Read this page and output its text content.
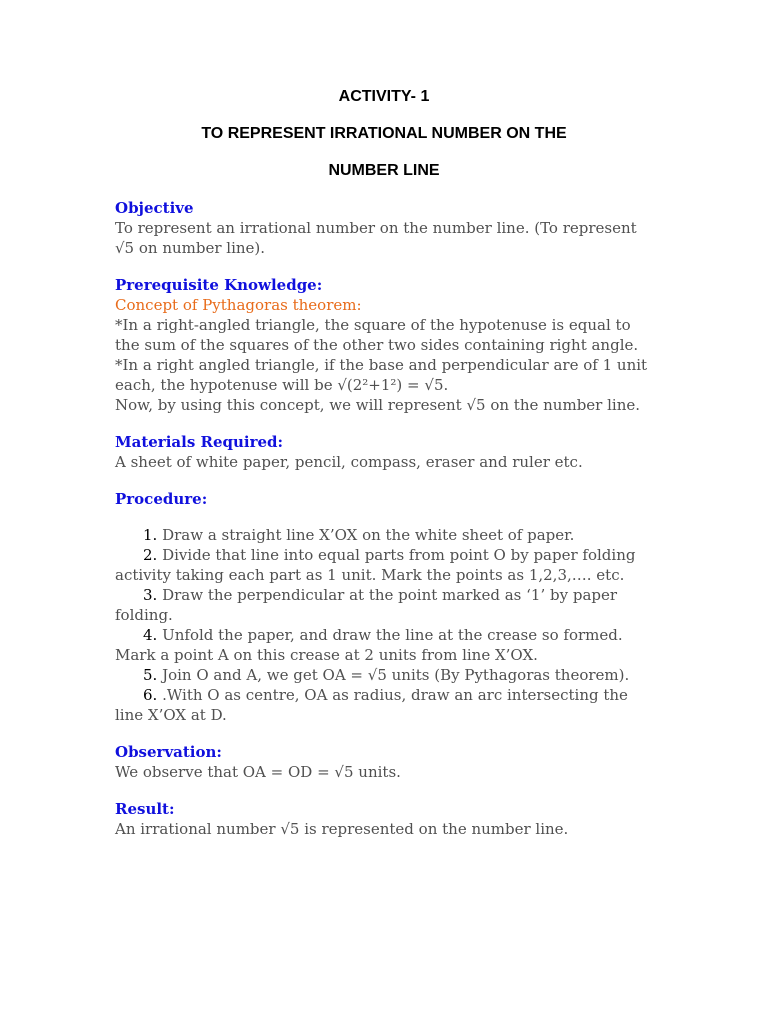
ACTIVITY- 1
TO REPRESENT IRRATIONAL NUMBER ON THE
NUMBER LINE
Objective
To represent an irrational number on the number line. (To represent
√5 on number line).
Prerequisite Knowledge:
Concept of Pythagoras theorem:
*In a right-angled triangle, the square of the hypotenuse is equal to
the sum of the squares of the other two sides containing right angle.
*In a right angled triangle, if the base and perpendicular are of 1 unit
each, the hypotenuse will be √(2²+1²) = √5.
Now, by using this concept, we will represent √5 on the number line.
Materials Required:
A sheet of white paper, pencil, compass, eraser and ruler etc.
Procedure:
1. Draw a straight line X’OX on the white sheet of paper.
2. Divide that line into equal parts from point O by paper folding
activity taking each part as 1 unit. Mark the points as 1,2,3,…. etc.
3. Draw the perpendicular at the point marked as ‘1’ by paper
folding.
4. Unfold the paper, and draw the line at the crease so formed.
Mark a point A on this crease at 2 units from line X’OX.
5. Join O and A, we get OA = √5 units (By Pythagoras theorem).
6. .With O as centre, OA as radius, draw an arc intersecting the
line X’OX at D.
Observation:
We observe that OA = OD = √5 units.
Result:
An irrational number √5 is represented on the number line.
